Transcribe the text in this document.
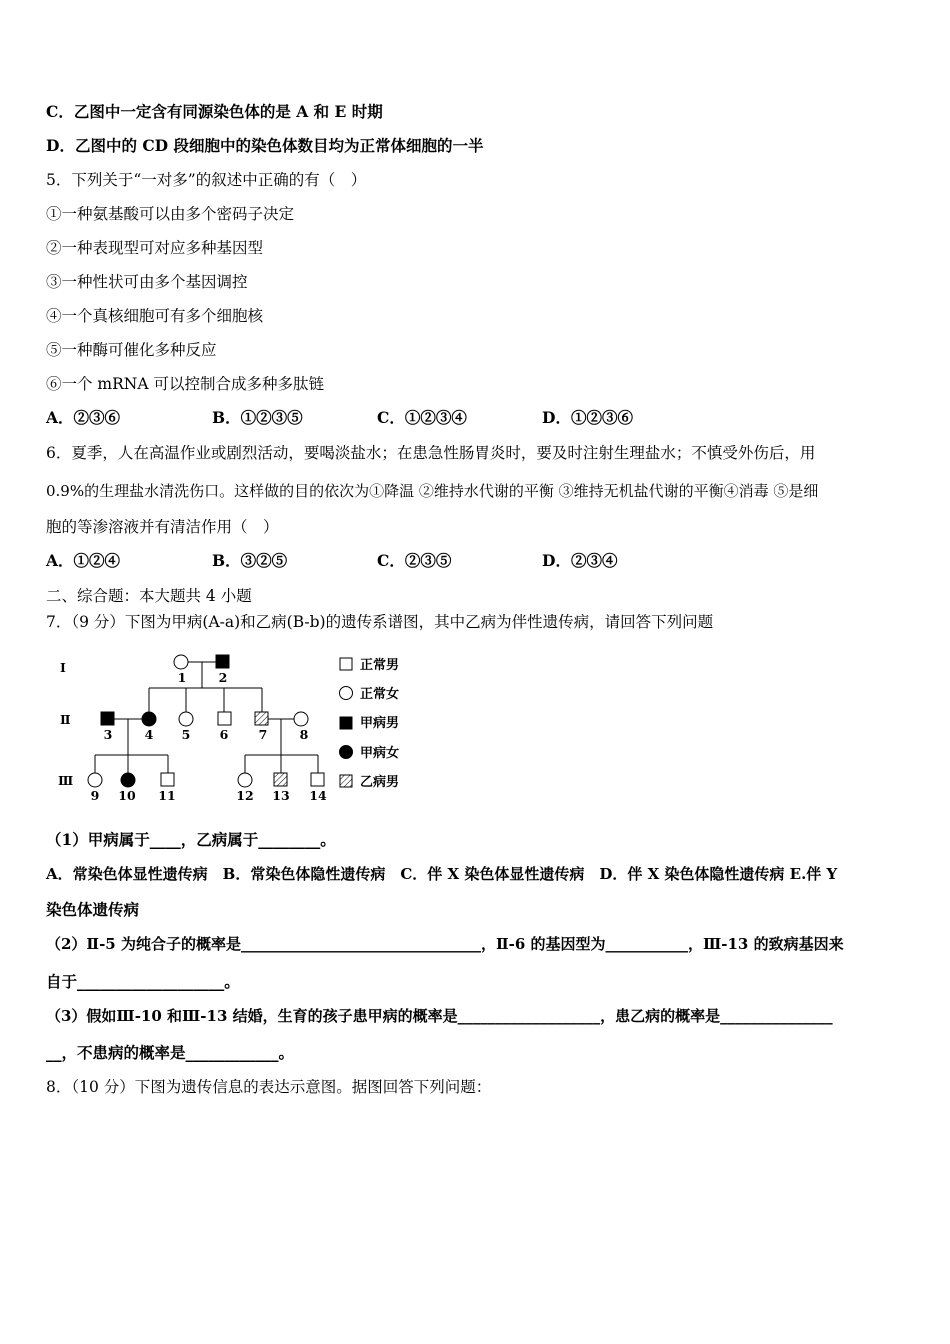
C．乙图中一定含有同源染色体的是 A 和 E 时期
D．乙图中的 CD 段细胞中的染色体数目均为正常体细胞的一半
5．下列关于“一对多”的叙述中正确的有（　）
①一种氨基酸可以由多个密码子决定
②一种表现型可对应多种基因型
③一种性状可由多个基因调控
④一个真核细胞可有多个细胞核
⑤一种酶可催化多种反应
⑥一个 mRNA 可以控制合成多种多肽链
A．②③⑥	B．①②③⑤	C．①②③④	D．①②③⑥
6．夏季，人在高温作业或剧烈活动，要喝淡盐水；在患急性肠胃炎时，要及时注射生理盐水；不慎受外伤后，用
0.9%的生理盐水清洗伤口。这样做的目的依次为①降温 ②维持水代谢的平衡 ③维持无机盐代谢的平衡④消毒 ⑤是细
胞的等渗溶液并有清洁作用（　）
A．①②④	B．③②⑤	C．②③⑤	D．②③④
二、综合题：本大题共 4 小题
7．（9 分）下图为甲病(A-a)和乙病(B-b)的遗传系谱图，其中乙病为伴性遗传病，请回答下列问题
Ⅰ
Ⅱ
Ⅲ
1	2
3	4 5 6 7	8
9 10 11	12 13 14
正常男
正常女
甲病男
甲病女
乙病男
（1）甲病属于____，乙病属于________。
A．常染色体显性遗传病　B．常染色体隐性遗传病　C．伴 X 染色体显性遗传病　D．伴 X 染色体隐性遗传病 E.伴 Y
染色体遗传病
（2）Ⅱ-5 为纯合子的概率是________________________________，Ⅱ-6 的基因型为___________，Ⅲ-13 的致病基因来
自于___________________。
（3）假如Ⅲ-10 和Ⅲ-13 结婚，生育的孩子患甲病的概率是___________________，患乙病的概率是_______________
__，不患病的概率是____________。
8．（10 分）下图为遗传信息的表达示意图。据图回答下列问题：
